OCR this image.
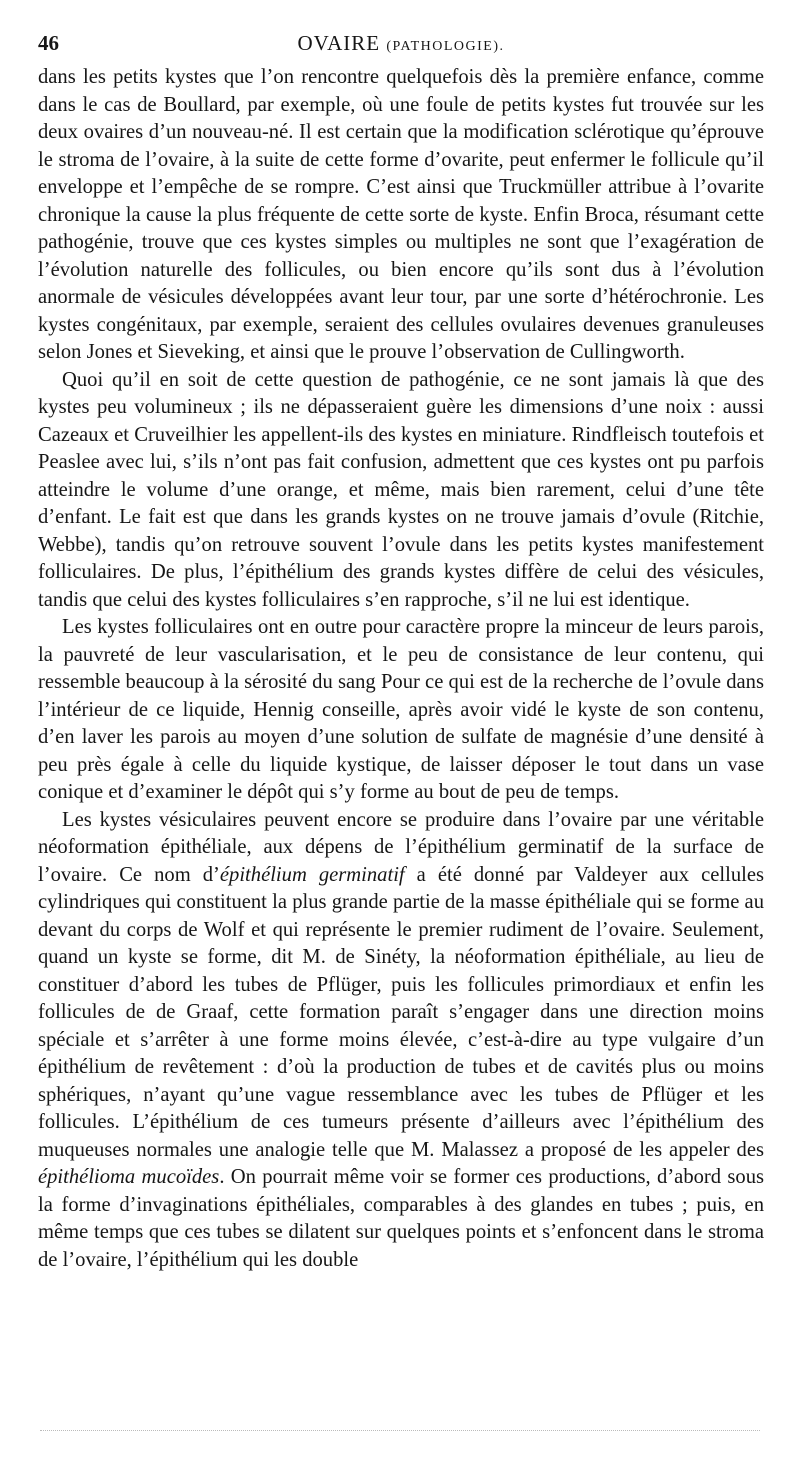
46	OVAIRE (PATHOLOGIE).

dans les petits kystes que l’on rencontre quelquefois dès la première enfance, comme dans le cas de Boullard, par exemple, où une foule de petits kystes fut trouvée sur les deux ovaires d’un nouveau-né. Il est certain que la modification sclérotique qu’éprouve le stroma de l’ovaire, à la suite de cette forme d’ovarite, peut enfermer le follicule qu’il enveloppe et l’empêche de se rompre. C’est ainsi que Truckmüller attribue à l’ovarite chronique la cause la plus fréquente de cette sorte de kyste. Enfin Broca, résumant cette pathogénie, trouve que ces kystes simples ou multiples ne sont que l’exagération de l’évolution naturelle des follicules, ou bien encore qu’ils sont dus à l’évolution anormale de vésicules développées avant leur tour, par une sorte d’hétérochronie. Les kystes congénitaux, par exemple, seraient des cellules ovulaires devenues granuleuses selon Jones et Sieveking, et ainsi que le prouve l’observation de Cullingworth.

Quoi qu’il en soit de cette question de pathogénie, ce ne sont jamais là que des kystes peu volumineux ; ils ne dépasseraient guère les dimensions d’une noix : aussi Cazeaux et Cruveilhier les appellent-ils des kystes en miniature. Rindfleisch toutefois et Peaslee avec lui, s’ils n’ont pas fait confusion, admettent que ces kystes ont pu parfois atteindre le volume d’une orange, et même, mais bien rarement, celui d’une tête d’enfant. Le fait est que dans les grands kystes on ne trouve jamais d’ovule (Ritchie, Webbe), tandis qu’on retrouve souvent l’ovule dans les petits kystes manifestement folliculaires. De plus, l’épithélium des grands kystes diffère de celui des vésicules, tandis que celui des kystes folliculaires s’en rapproche, s’il ne lui est identique.

Les kystes folliculaires ont en outre pour caractère propre la minceur de leurs parois, la pauvreté de leur vascularisation, et le peu de consistance de leur contenu, qui ressemble beaucoup à la sérosité du sang Pour ce qui est de la recherche de l’ovule dans l’intérieur de ce liquide, Hennig conseille, après avoir vidé le kyste de son contenu, d’en laver les parois au moyen d’une solution de sulfate de magnésie d’une densité à peu près égale à celle du liquide kystique, de laisser déposer le tout dans un vase conique et d’examiner le dépôt qui s’y forme au bout de peu de temps.

Les kystes vésiculaires peuvent encore se produire dans l’ovaire par une véritable néoformation épithéliale, aux dépens de l’épithélium germinatif de la surface de l’ovaire. Ce nom d’épithélium germinatif a été donné par Valdeyer aux cellules cylindriques qui constituent la plus grande partie de la masse épithéliale qui se forme au devant du corps de Wolf et qui représente le premier rudiment de l’ovaire. Seulement, quand un kyste se forme, dit M. de Sinéty, la néoformation épithéliale, au lieu de constituer d’abord les tubes de Pflüger, puis les follicules primordiaux et enfin les follicules de de Graaf, cette formation paraît s’engager dans une direction moins spéciale et s’arrêter à une forme moins élevée, c’est-à-dire au type vulgaire d’un épithélium de revêtement : d’où la production de tubes et de cavités plus ou moins sphériques, n’ayant qu’une vague ressemblance avec les tubes de Pflüger et les follicules. L’épithélium de ces tumeurs présente d’ailleurs avec l’épithélium des muqueuses normales une analogie telle que M. Malassez a proposé de les appeler des épithélioma mucoïdes. On pourrait même voir se former ces productions, d’abord sous la forme d’invaginations épithéliales, comparables à des glandes en tubes ; puis, en même temps que ces tubes se dilatent sur quelques points et s’enfoncent dans le stroma de l’ovaire, l’épithélium qui les double
